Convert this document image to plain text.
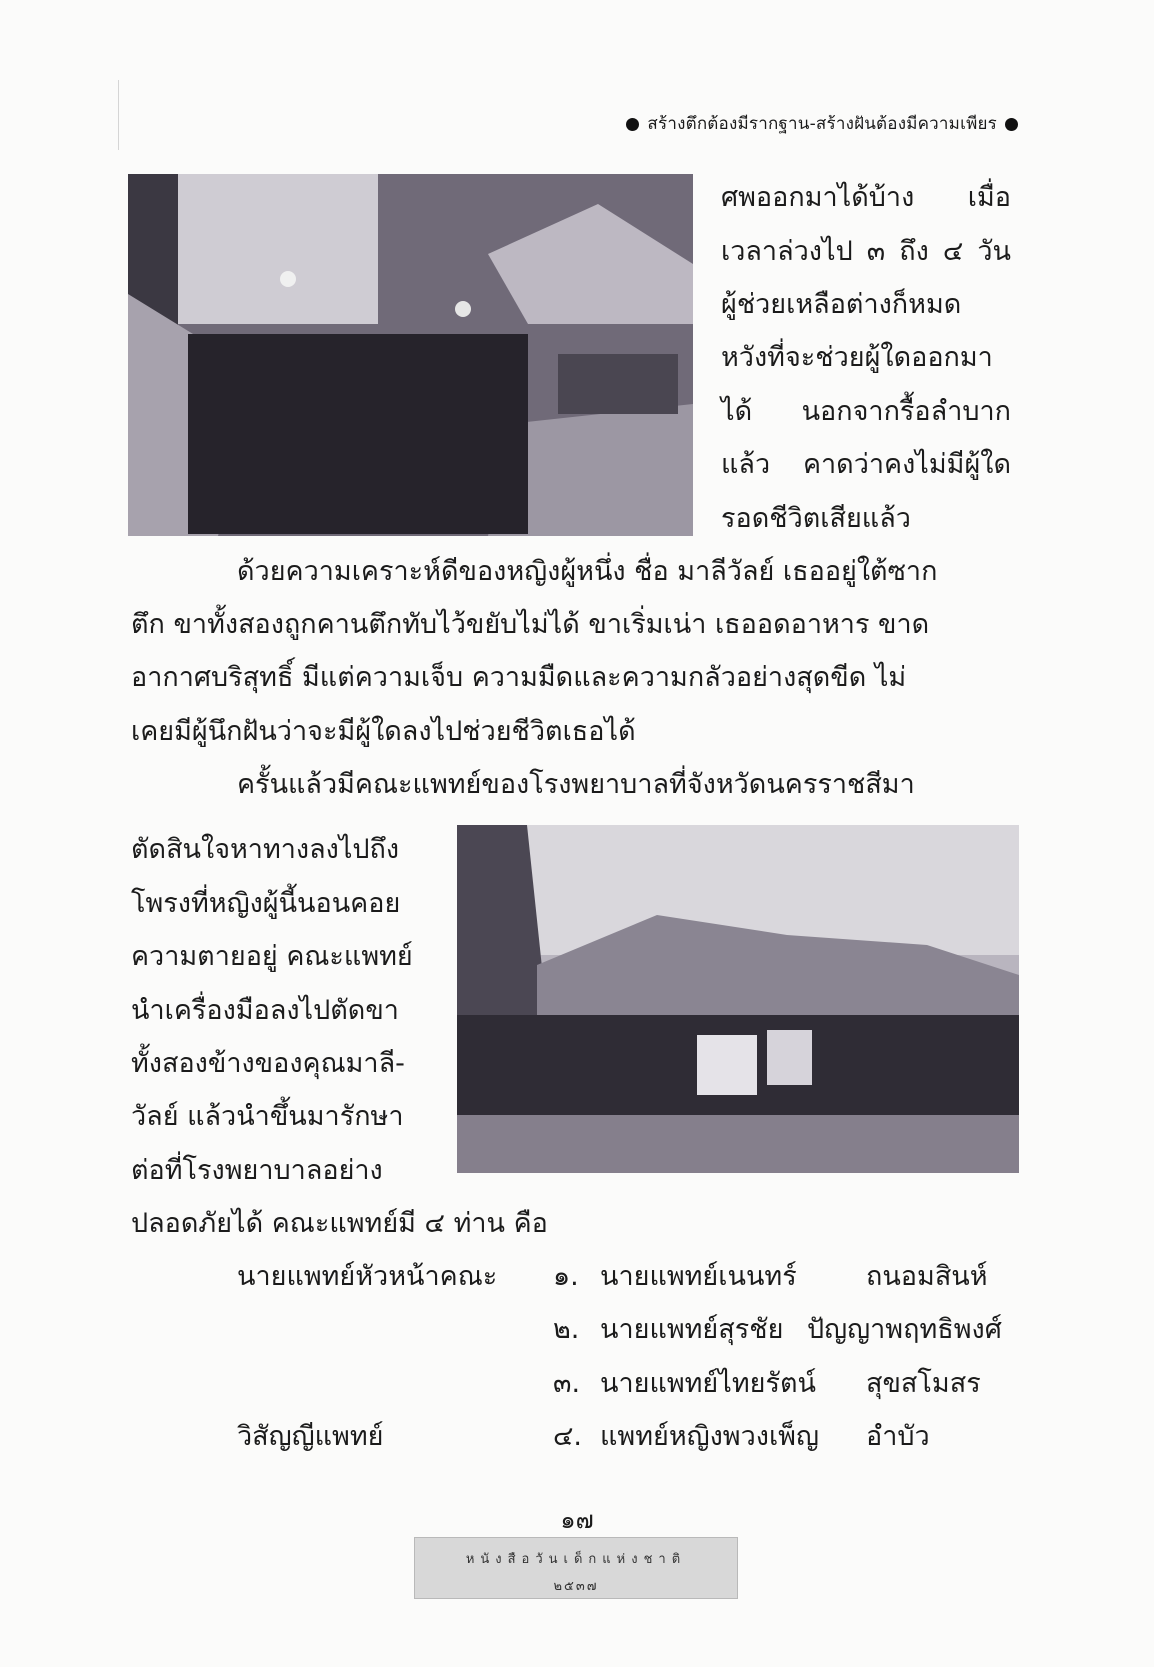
สร้างตึกต้องมีรากฐาน-สร้างฝันต้องมีความเพียร
ศพออกมาได้บ้าง เมื่อ
เวลาล่วงไป ๓ ถึง ๔ วัน
ผู้ช่วยเหลือต่างก็หมด
หวังที่จะช่วยผู้ใดออกมา
ได้ นอกจากรื้อลำบาก
แล้ว คาดว่าคงไม่มีผู้ใด
รอดชีวิตเสียแล้ว
ด้วยความเคราะห์ดีของหญิงผู้หนึ่ง ชื่อ มาลีวัลย์ เธออยู่ใต้ซาก
ตึก ขาทั้งสองถูกคานตึกทับไว้ขยับไม่ได้ ขาเริ่มเน่า เธออดอาหาร ขาด
อากาศบริสุทธิ์ มีแต่ความเจ็บ ความมืดและความกลัวอย่างสุดขีด ไม่
เคยมีผู้นึกฝันว่าจะมีผู้ใดลงไปช่วยชีวิตเธอได้
ครั้นแล้วมีคณะแพทย์ของโรงพยาบาลที่จังหวัดนครราชสีมา
ตัดสินใจหาทางลงไปถึง
โพรงที่หญิงผู้นี้นอนคอย
ความตายอยู่ คณะแพทย์
นำเครื่องมือลงไปตัดขา
ทั้งสองข้างของคุณมาลี-
วัลย์ แล้วนำขึ้นมารักษา
ต่อที่โรงพยาบาลอย่าง
ปลอดภัยได้ คณะแพทย์มี ๔ ท่าน คือ
นายแพทย์หัวหน้าคณะ
วิสัญญีแพทย์
๑. นายแพทย์เนนทร์	ถนอมสินห์
๒. นายแพทย์สุรชัย ปัญญาพฤทธิพงศ์
๓. นายแพทย์ไทยรัตน์ สุขสโมสร
๔. แพทย์หญิงพวงเพ็ญ อำบัว
๑๗
หนังสือวันเด็กแห่งชาติ
๒๕๓๗
